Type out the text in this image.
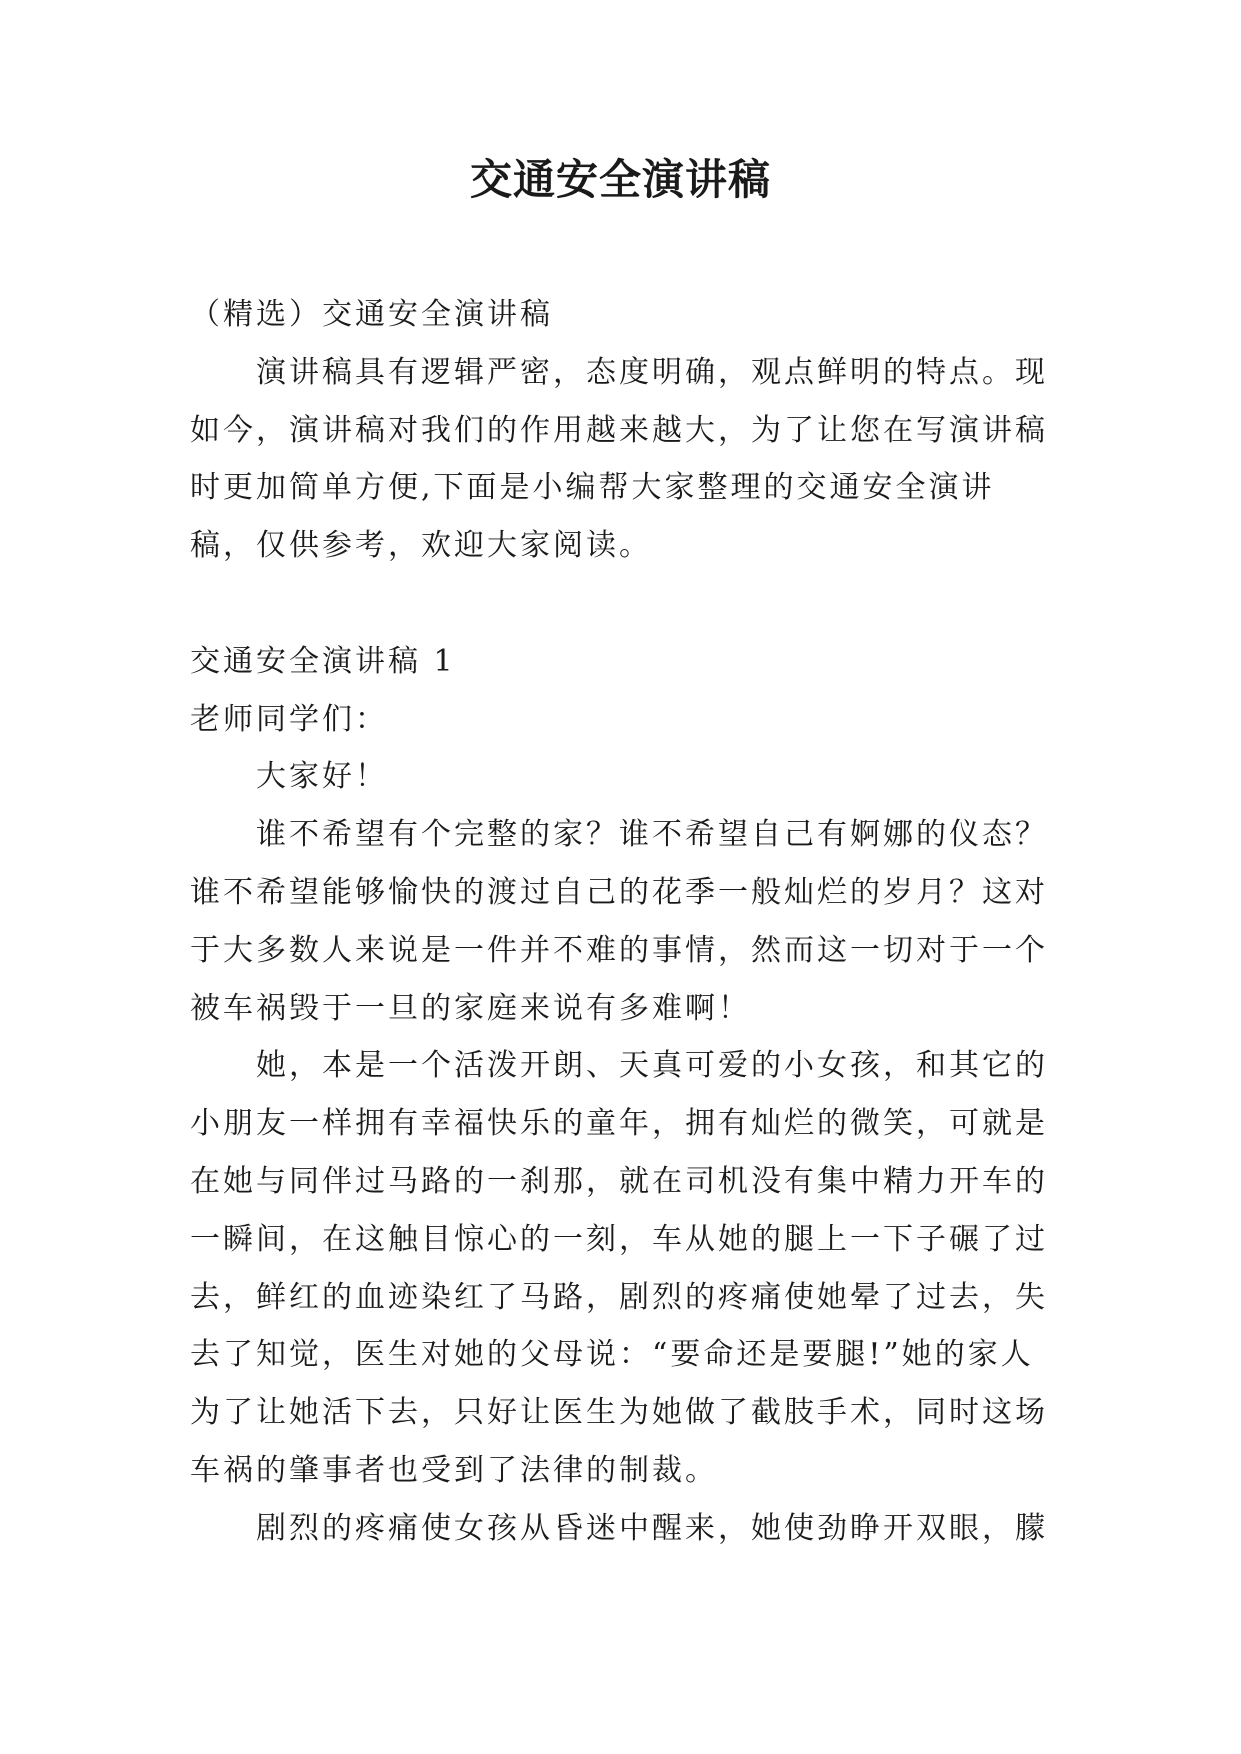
交通安全演讲稿

（精选）交通安全演讲稿

演讲稿具有逻辑严密，态度明确，观点鲜明的特点。现如今，演讲稿对我们的作用越来越大，为了让您在写演讲稿时更加简单方便,下面是小编帮大家整理的交通安全演讲稿，仅供参考，欢迎大家阅读。

交通安全演讲稿 1

老师同学们：

大家好！

谁不希望有个完整的家？谁不希望自己有婀娜的仪态？谁不希望能够愉快的渡过自己的花季一般灿烂的岁月？这对于大多数人来说是一件并不难的事情，然而这一切对于一个被车祸毁于一旦的家庭来说有多难啊！

她，本是一个活泼开朗、天真可爱的小女孩，和其它的小朋友一样拥有幸福快乐的童年，拥有灿烂的微笑，可就是在她与同伴过马路的一刹那，就在司机没有集中精力开车的一瞬间，在这触目惊心的一刻，车从她的腿上一下子碾了过去，鲜红的血迹染红了马路，剧烈的疼痛使她晕了过去，失去了知觉，医生对她的父母说：“要命还是要腿!”她的家人为了让她活下去，只好让医生为她做了截肢手术，同时这场车祸的肇事者也受到了法律的制裁。

剧烈的疼痛使女孩从昏迷中醒来，她使劲睁开双眼，朦
